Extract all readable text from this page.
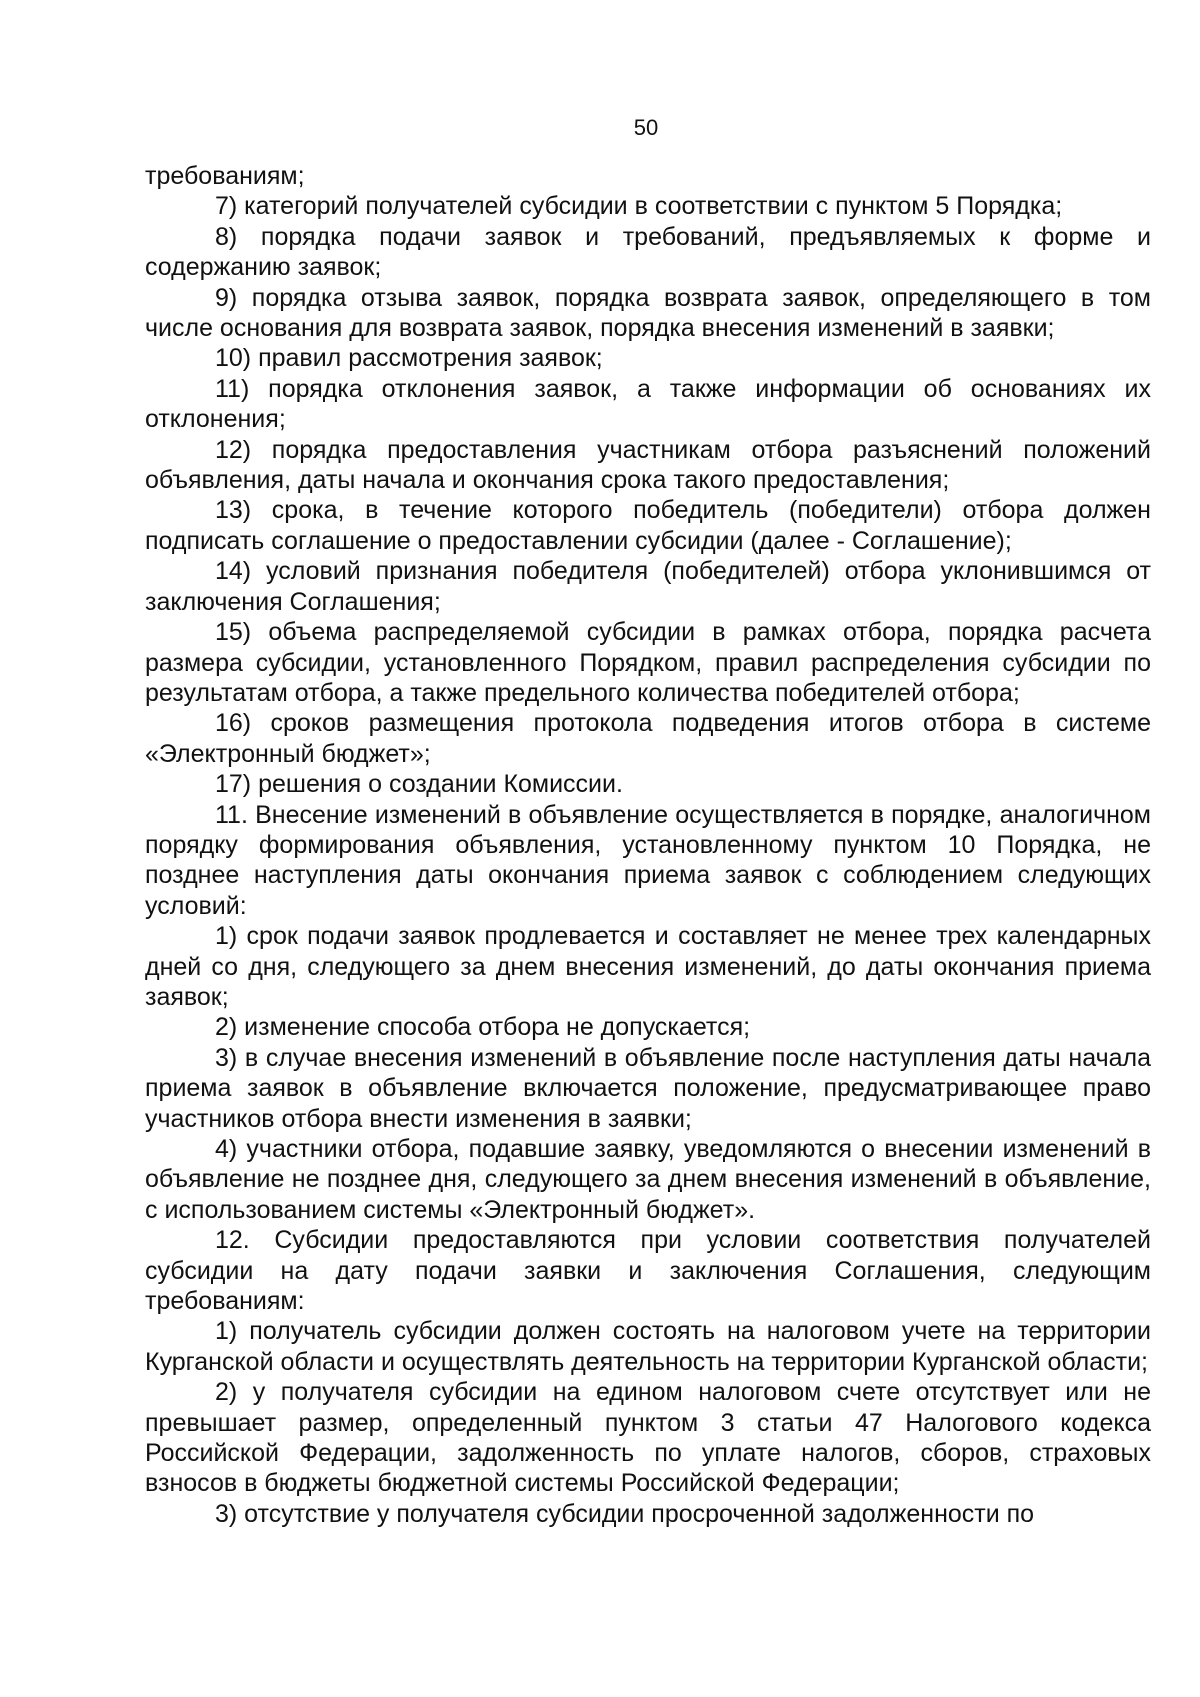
50

требованиям;

7) категорий получателей субсидии в соответствии с пунктом 5 Порядка;

8) порядка подачи заявок и требований, предъявляемых к форме и содержанию заявок;

9) порядка отзыва заявок, порядка возврата заявок, определяющего в том числе основания для возврата заявок, порядка внесения изменений в заявки;

10) правил рассмотрения заявок;

11) порядка отклонения заявок, а также информации об основаниях их отклонения;

12) порядка предоставления участникам отбора разъяснений положений объявления, даты начала и окончания срока такого предоставления;

13) срока, в течение которого победитель (победители) отбора должен подписать соглашение о предоставлении субсидии (далее - Соглашение);

14) условий признания победителя (победителей) отбора уклонившимся от заключения Соглашения;

15) объема распределяемой субсидии в рамках отбора, порядка расчета размера субсидии, установленного Порядком, правил распределения субсидии по результатам отбора, а также предельного количества победителей отбора;

16) сроков размещения протокола подведения итогов отбора в системе «Электронный бюджет»;

17) решения о создании Комиссии.

11. Внесение изменений в объявление осуществляется в порядке, аналогичном порядку формирования объявления, установленному пунктом 10 Порядка, не позднее наступления даты окончания приема заявок с соблюдением следующих условий:

1) срок подачи заявок продлевается и составляет не менее трех календарных дней со дня, следующего за днем внесения изменений, до даты окончания приема заявок;

2) изменение способа отбора не допускается;

3) в случае внесения изменений в объявление после наступления даты начала приема заявок в объявление включается положение, предусматривающее право участников отбора внести изменения в заявки;

4) участники отбора, подавшие заявку, уведомляются о внесении изменений в объявление не позднее дня, следующего за днем внесения изменений в объявление, с использованием системы «Электронный бюджет».

12. Субсидии предоставляются при условии соответствия получателей субсидии на дату подачи заявки и заключения Соглашения, следующим требованиям:

1) получатель субсидии должен состоять на налоговом учете на территории Курганской области и осуществлять деятельность на территории Курганской области;

2) у получателя субсидии на едином налоговом счете отсутствует или не превышает размер, определенный пунктом 3 статьи 47 Налогового кодекса Российской Федерации, задолженность по уплате налогов, сборов, страховых взносов в бюджеты бюджетной системы Российской Федерации;

3) отсутствие у получателя субсидии просроченной задолженности по
